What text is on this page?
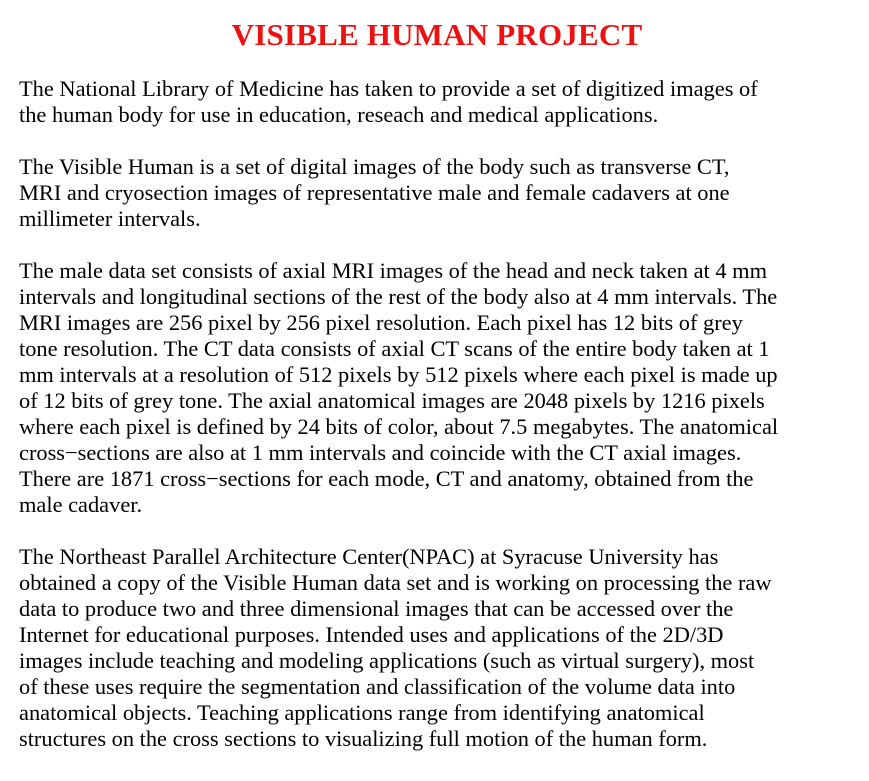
VISIBLE HUMAN PROJECT

The National Library of Medicine has taken to provide a set of digitized images of
the human body for use in education, reseach and medical applications.

The Visible Human is a set of digital images of the body such as transverse CT,
MRI and cryosection images of representative male and female cadavers at one
millimeter intervals.

The male data set consists of axial MRI images of the head and neck taken at 4 mm
intervals and longitudinal sections of the rest of the body also at 4 mm intervals. The
MRI images are 256 pixel by 256 pixel resolution. Each pixel has 12 bits of grey
tone resolution. The CT data consists of axial CT scans of the entire body taken at 1
mm intervals at a resolution of 512 pixels by 512 pixels where each pixel is made up
of 12 bits of grey tone. The axial anatomical images are 2048 pixels by 1216 pixels
where each pixel is defined by 24 bits of color, about 7.5 megabytes. The anatomical
cross−sections are also at 1 mm intervals and coincide with the CT axial images.
There are 1871 cross−sections for each mode, CT and anatomy, obtained from the
male cadaver.

The Northeast Parallel Architecture Center(NPAC) at Syracuse University has
obtained a copy of the Visible Human data set and is working on processing the raw
data to produce two and three dimensional images that can be accessed over the
Internet for educational purposes. Intended uses and applications of the 2D/3D
images include teaching and modeling applications (such as virtual surgery), most
of these uses require the segmentation and classification of the volume data into
anatomical objects. Teaching applications range from identifying anatomical
structures on the cross sections to visualizing full motion of the human form.
